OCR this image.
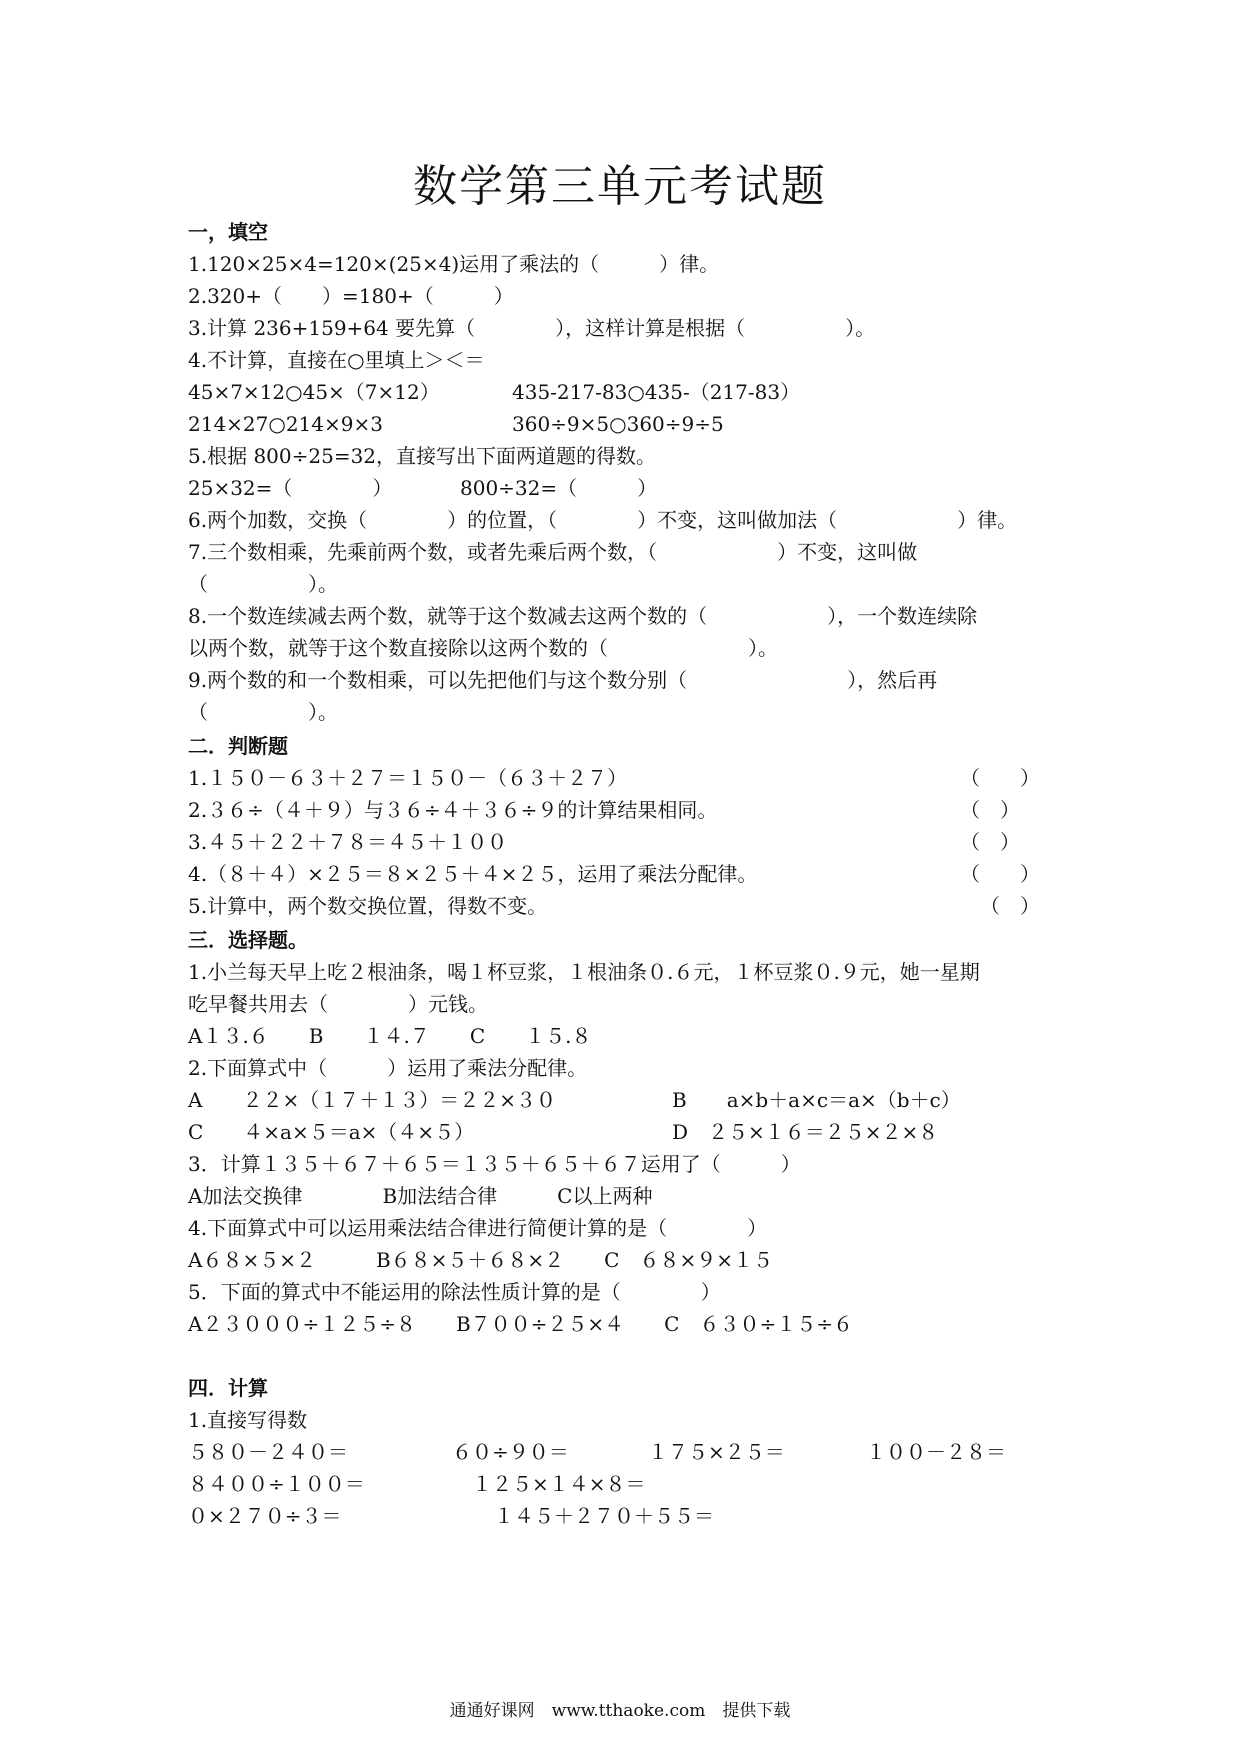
数学第三单元考试题
一，填空
1.120×25×4=120×(25×4)运用了乘法的（　　　）律。
2.320+（　　）=180+（　　　）
3.计算 236+159+64 要先算（　　　　），这样计算是根据（　　　　　）。
4.不计算，直接在○里填上＞＜＝
45×7×12○45×（7×12）	435-217-83○435-（217-83）
214×27○214×9×3	360÷9×5○360÷9÷5
5.根据 800÷25=32，直接写出下面两道题的得数。
25×32=（　　　　）	800÷32=（　　　）
6.两个加数，交换（　　　　）的位置，（　　　　）不变，这叫做加法（　　　　　　）律。
7.三个数相乘，先乘前两个数，或者先乘后两个数，（　　　　　　）不变，这叫做
（　　　　　）。
8.一个数连续减去两个数，就等于这个数减去这两个数的（　　　　　　），一个数连续除
以两个数，就等于这个数直接除以这两个数的（　　　　　　　）。
9.两个数的和一个数相乘，可以先把他们与这个数分别（　　　　　　　　），然后再
（　　　　　）。
二．判断题
1.１５０－６３＋２７＝１５０－（６３＋２７）	（　　）
2.３６÷（４＋９）与３６÷４＋３６÷９的计算结果相同。	（　）
3.４５＋２２＋７８＝４５＋１００	（　）
4.（８＋４）×２５＝８×２５＋４×２５，运用了乘法分配律。	（　　）
5.计算中，两个数交换位置，得数不变。	（　）
三．选择题。
1.小兰每天早上吃２根油条，喝１杯豆浆，１根油条０.６元，１杯豆浆０.９元，她一星期
吃早餐共用去（　　　　）元钱。
A１３.６　　B　　１４.７　　C　　１５.８
2.下面算式中（　　　）运用了乘法分配律。
A　　２２×（１７＋１３）＝２２×３０	B　　a×b＋a×c＝a×（b＋c）
C　　４×a×５＝a×（４×５）	D　２５×１６＝２５×２×８
3．计算１３５＋６７＋６５＝１３５＋６５＋６７运用了（　　　）
A加法交换律　　　　B加法结合律　　　C以上两种
4.下面算式中可以运用乘法结合律进行简便计算的是（　　　　）
A６８×５×２　　　B６８×５＋６８×２　　C　６８×９×１５
5．下面的算式中不能运用的除法性质计算的是（　　　　）
A２３０００÷１２５÷８　　B７００÷２５×４　　C　６３０÷１５÷６
四．计算
1.直接写得数
５８０－２４０＝	６０÷９０＝	１７５×２５＝	１００－２８＝
８４００÷１００＝	１２５×１４×８＝
０×２７０÷３＝	１４５＋２７０＋５５＝
通通好课网　www.tthaoke.com　提供下载
